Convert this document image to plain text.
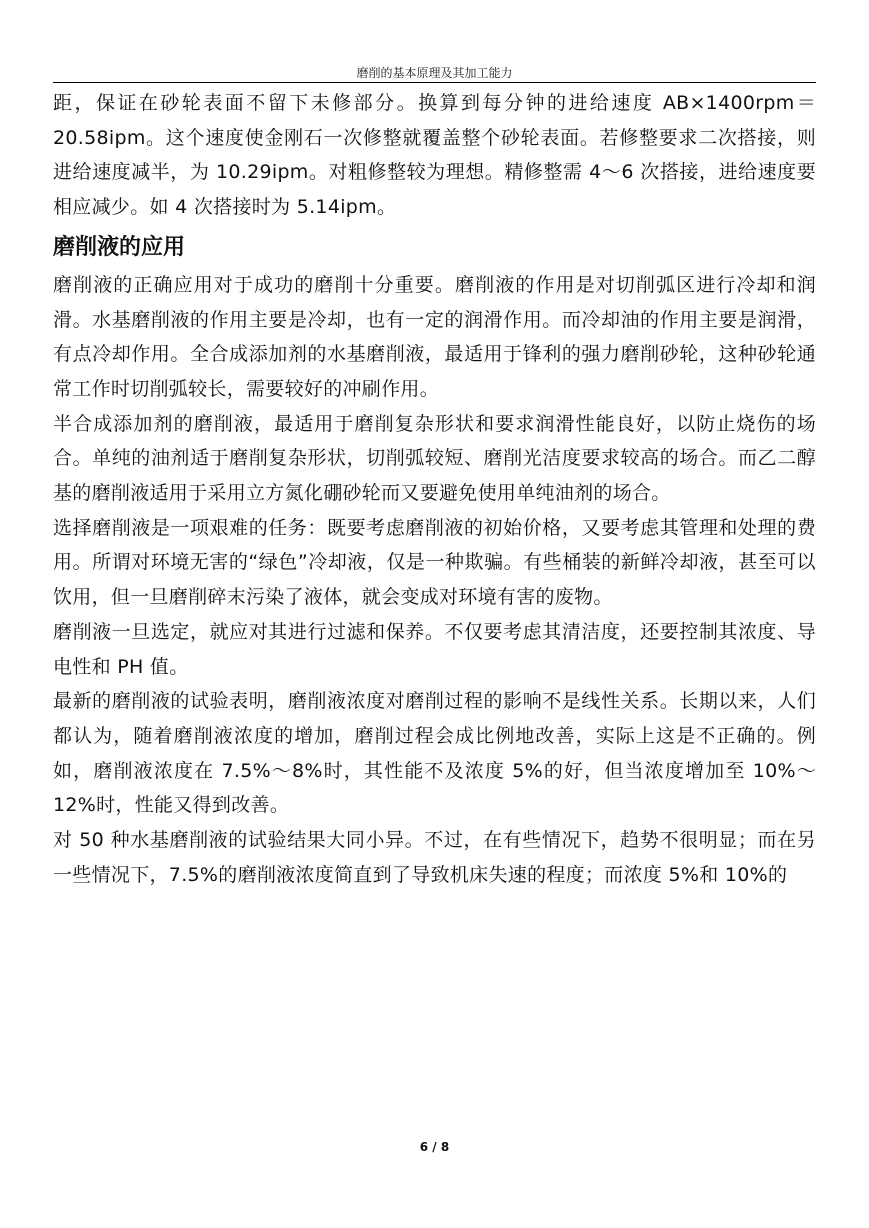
磨削的基本原理及其加工能力

距，保证在砂轮表面不留下未修部分。换算到每分钟的进给速度 AB×1400rpm＝20.58ipm。这个速度使金刚石一次修整就覆盖整个砂轮表面。若修整要求二次搭接，则进给速度减半，为 10.29ipm。对粗修整较为理想。精修整需 4～6 次搭接，进给速度要相应减少。如 4 次搭接时为 5.14ipm。

磨削液的应用

磨削液的正确应用对于成功的磨削十分重要。磨削液的作用是对切削弧区进行冷却和润滑。水基磨削液的作用主要是冷却，也有一定的润滑作用。而冷却油的作用主要是润滑，有点冷却作用。全合成添加剂的水基磨削液，最适用于锋利的强力磨削砂轮，这种砂轮通常工作时切削弧较长，需要较好的冲刷作用。

半合成添加剂的磨削液，最适用于磨削复杂形状和要求润滑性能良好，以防止烧伤的场合。单纯的油剂适于磨削复杂形状，切削弧较短、磨削光洁度要求较高的场合。而乙二醇基的磨削液适用于采用立方氮化硼砂轮而又要避免使用单纯油剂的场合。

选择磨削液是一项艰难的任务：既要考虑磨削液的初始价格，又要考虑其管理和处理的费用。所谓对环境无害的“绿色”冷却液，仅是一种欺骗。有些桶装的新鲜冷却液，甚至可以饮用，但一旦磨削碎末污染了液体，就会变成对环境有害的废物。

磨削液一旦选定，就应对其进行过滤和保养。不仅要考虑其清洁度，还要控制其浓度、导电性和 PH 值。

最新的磨削液的试验表明，磨削液浓度对磨削过程的影响不是线性关系。长期以来，人们都认为，随着磨削液浓度的增加，磨削过程会成比例地改善，实际上这是不正确的。例如，磨削液浓度在 7.5%～8%时，其性能不及浓度 5%的好，但当浓度增加至 10%～12%时，性能又得到改善。

对 50 种水基磨削液的试验结果大同小异。不过，在有些情况下，趋势不很明显；而在另一些情况下，7.5%的磨削液浓度简直到了导致机床失速的程度；而浓度 5%和 10%的

6 / 8
